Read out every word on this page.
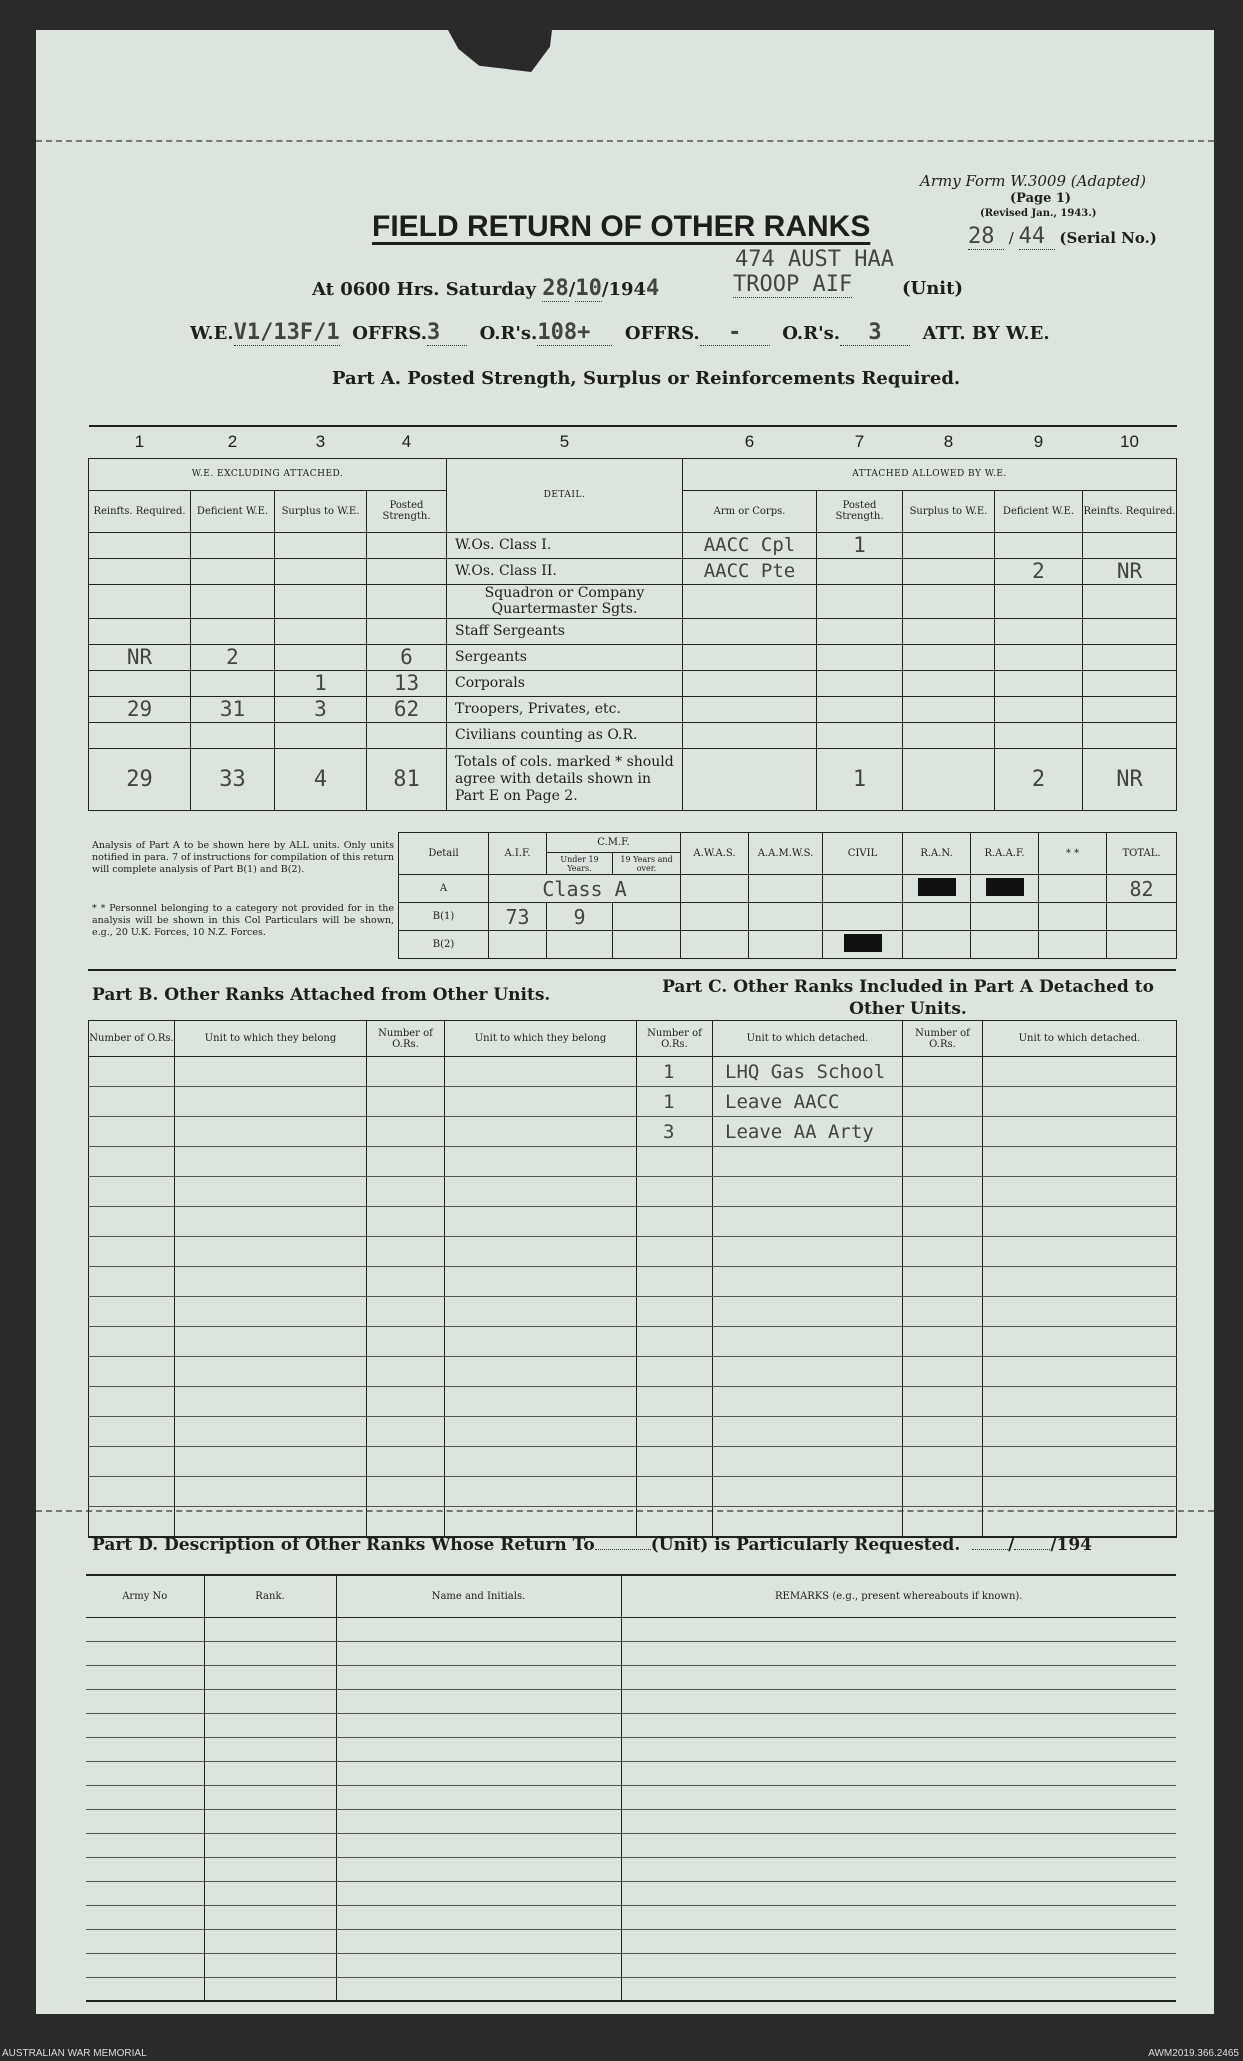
Army Form W.3009 (Adapted)
(Page 1)
(Revised Jan., 1943.)
28 / 44 (Serial No.)
FIELD RETURN OF OTHER RANKS
474 AUST HAA
At 0600 Hrs. Saturday 28/10/1944	TROOP AIF	(Unit)
W.E.V1/13F/1 OFFRS.3 O.R's.108+ OFFRS. - O.R's. 3 ATT. BY W.E.
Part A. Posted Strength, Surplus or Reinforcements Required.
1	2	3	4	5	6	7	8	9	10
W.E. EXCLUDING ATTACHED.				DETAIL.	ATTACHED ALLOWED BY W.E.				
Reinfts. Required.	Deficient W.E.	Surplus to W.E.	Posted Strength.		Arm or Corps.	Posted Strength.	Surplus to W.E.	Deficient W.E.	Reinfts. Required.
				W.Os. Class I.	AACC Cpl	1			
				W.Os. Class II.	AACC Pte			2	NR
				Squadron or Company Quartermaster Sgts.					
				Staff Sergeants					
NR	2		6	Sergeants					
		1	13	Corporals					
29	31	3	62	Troopers, Privates, etc.					
				Civilians counting as O.R.					
29	33	4	81	Totals of cols. marked * should agree with details shown in Part E on Page 2.		1		2	NR
Analysis of Part A to be shown here by ALL units. Only units notified in para. 7 of instructions for compilation of this return will complete analysis of Part B(1) and B(2).
* * Personnel belonging to a category not provided for in the analysis will be shown in this Col Particulars will be shown, e.g., 20 U.K. Forces, 10 N.Z. Forces.
Detail	A.I.F.	C.M.F.		A.W.A.S.	A.A.M.W.S.	CIVIL	R.A.N.	R.A.A.F.	* *	TOTAL.
		Under 19 Years.	19 Years and over.							
A	Class A									82
B(1)	73	9								
B(2)										
Part B. Other Ranks Attached from Other Units.	Part C. Other Ranks Included in Part A Detached to Other Units.
Number of O.Rs.	Unit to which they belong	Number of O.Rs.	Unit to which they belong	Number of O.Rs.	Unit to which detached.	Number of O.Rs.	Unit to which detached.
				1	LHQ Gas School		
				1	Leave AACC		
				3	Leave AA Arty		

Part D. Description of Other Ranks Whose Return To	(Unit) is Particularly Requested.	/ /194
Army No	Rank.	Name and Initials.	REMARKS (e.g., present whereabouts if known).

AUSTRALIAN WAR MEMORIAL	AWM2019.366.2465
